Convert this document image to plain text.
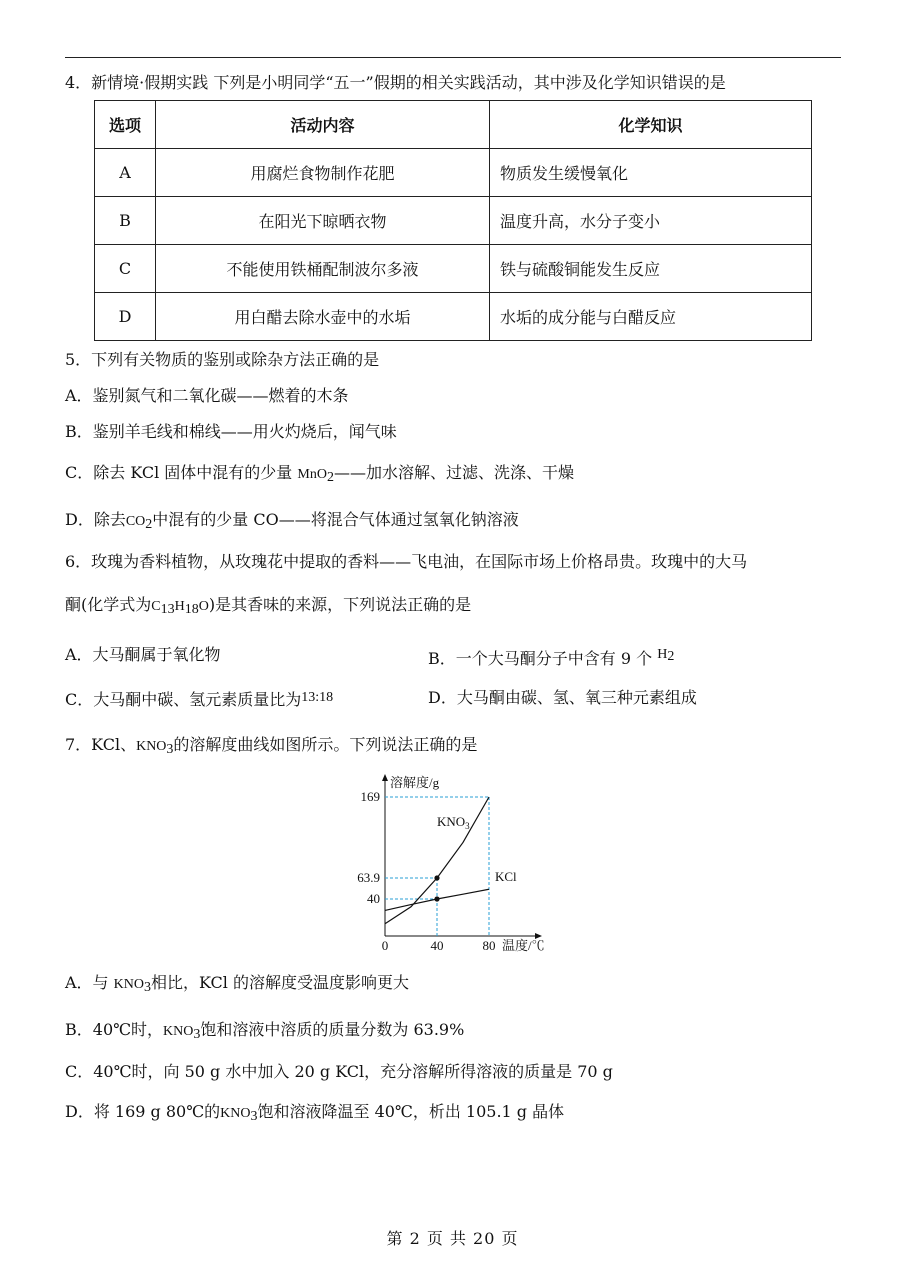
4．新情境·假期实践 下列是小明同学“五一”假期的相关实践活动，其中涉及化学知识错误的是
选项	活动内容	化学知识
A	用腐烂食物制作花肥	物质发生缓慢氧化
B	在阳光下晾晒衣物	温度升高，水分子变小
C	不能使用铁桶配制波尔多液	铁与硫酸铜能发生反应
D	用白醋去除水壶中的水垢	水垢的成分能与白醋反应
5．下列有关物质的鉴别或除杂方法正确的是
A．鉴别氮气和二氧化碳——燃着的木条
B．鉴别羊毛线和棉线——用火灼烧后，闻气味
C．除去 KCl 固体中混有的少量 MnO$_2$——加水溶解、过滤、洗涤、干燥
D．除去$CO_2$中混有的少量 CO——将混合气体通过氢氧化钠溶液
6．玫瑰为香料植物，从玫瑰花中提取的香料——飞电油，在国际市场上价格昂贵。玫瑰中的大马
酮(化学式为$C_{13}H_{18}O$)是其香味的来源，下列说法正确的是
A．大马酮属于氧化物	B．一个大马酮分子中含有 9 个 $^H_2$
C．大马酮中碳、氢元素质量比为$^{13:18}$	D．大马酮由碳、氢、氧三种元素组成
7．KCl、$KNO_3$的溶解度曲线如图所示。下列说法正确的是
溶解度/g
温度/℃
169
63.9
40
0	40	80
$KNO_3$
KCl
A．与 $KNO_3$相比，KCl 的溶解度受温度影响更大
B．40℃时，$KNO_3$饱和溶液中溶质的质量分数为 63.9%
C．40℃时，向 50 g 水中加入 20 g KCl，充分溶解所得溶液的质量是 70 g
D．将 169 g 80℃的$KNO_3$饱和溶液降温至 40℃，析出 105.1 g 晶体
第 2 页 共 20 页
